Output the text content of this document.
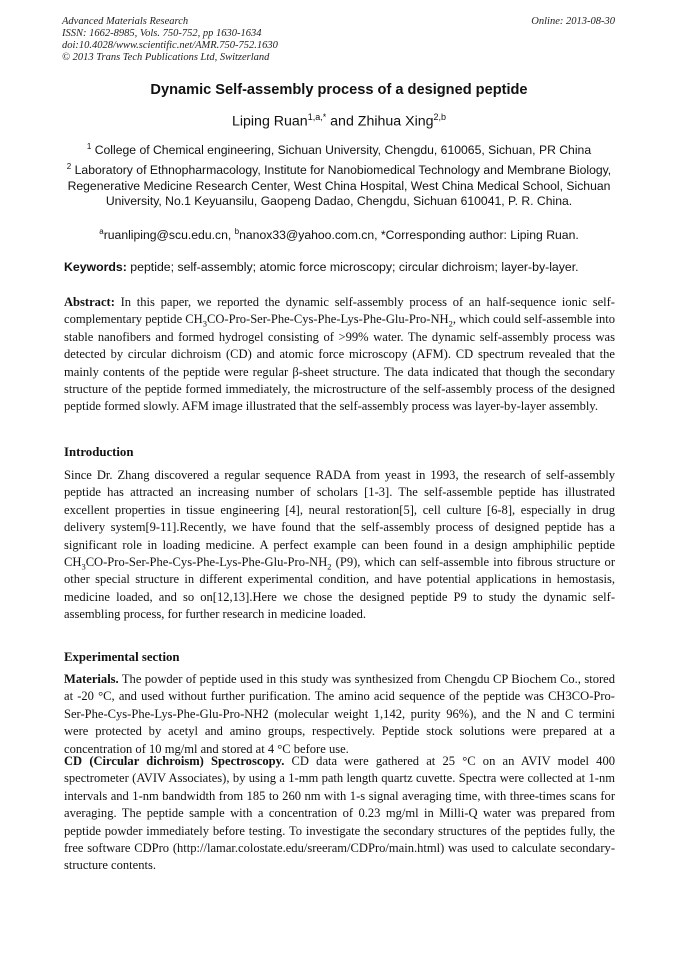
Advanced Materials Research
ISSN: 1662-8985, Vols. 750-752, pp 1630-1634
doi:10.4028/www.scientific.net/AMR.750-752.1630
© 2013 Trans Tech Publications Ltd, Switzerland
Online: 2013-08-30
Dynamic Self-assembly process of a designed peptide
Liping Ruan$^{1,a,*}$ and Zhihua Xing$^{2,b}$
$^1$ College of Chemical engineering, Sichuan University, Chengdu, 610065, Sichuan, PR China
$^2$ Laboratory of Ethnopharmacology, Institute for Nanobiomedical Technology and Membrane Biology, Regenerative Medicine Research Center, West China Hospital, West China Medical School, Sichuan University, No.1 Keyuansilu, Gaopeng Dadao, Chengdu, Sichuan 610041, P. R. China.
$^a$ruanliping@scu.edu.cn, $^b$nanox33@yahoo.com.cn, *Corresponding author: Liping Ruan.
Keywords: peptide; self-assembly; atomic force microscopy; circular dichroism; layer-by-layer.
Abstract: In this paper, we reported the dynamic self-assembly process of an half-sequence ionic self-complementary peptide $CH_3CO-Pro-Ser-Phe-Cys-Phe-Lys-Phe-Glu-Pro-NH_2$, which could self-assemble into stable nanofibers and formed hydrogel consisting of >99% water. The dynamic self-assembly process was detected by circular dichroism (CD) and atomic force microscopy (AFM). CD spectrum revealed that the mainly contents of the peptide were regular β-sheet structure. The data indicated that though the secondary structure of the peptide formed immediately, the microstructure of the self-assembly process of the designed peptide formed slowly. AFM image illustrated that the self-assembly process was layer-by-layer assembly.
Introduction
Since Dr. Zhang discovered a regular sequence RADA from yeast in 1993, the research of self-assembly peptide has attracted an increasing number of scholars [1-3]. The self-assemble peptide has illustrated excellent properties in tissue engineering [4], neural restoration[5], cell culture [6-8], especially in drug delivery system[9-11].Recently, we have found that the self-assembly process of designed peptide has a significant role in loading medicine. A perfect example can been found in a design amphiphilic peptide $CH_3CO-Pro-Ser-Phe-Cys-Phe-Lys-Phe-Glu-Pro-NH_2$ (P9), which can self-assemble into fibrous structure or other special structure in different experimental condition, and have potential applications in hemostasis, medicine loaded, and so on[12,13].Here we chose the designed peptide P9 to study the dynamic self-assembling process, for further research in medicine loaded.
Experimental section
Materials. The powder of peptide used in this study was synthesized from Chengdu CP Biochem Co., stored at -20 °C, and used without further purification. The amino acid sequence of the peptide was CH3CO-Pro-Ser-Phe-Cys-Phe-Lys-Phe-Glu-Pro-NH2 (molecular weight 1,142, purity 96%), and the N and C termini were protected by acetyl and amino groups, respectively. Peptide stock solutions were prepared at a concentration of 10 mg/ml and stored at 4 °C before use.
CD (Circular dichroism) Spectroscopy. CD data were gathered at 25 °C on an AVIV model 400 spectrometer (AVIV Associates), by using a 1-mm path length quartz cuvette. Spectra were collected at 1-nm intervals and 1-nm bandwidth from 185 to 260 nm with 1-s signal averaging time, with three-times scans for averaging. The peptide sample with a concentration of 0.23 mg/ml in Milli-Q water was prepared from peptide powder immediately before testing. To investigate the secondary structures of the peptides fully, the free software CDPro (http://lamar.colostate.edu/sreeram/CDPro/main.html) was used to calculate secondary-structure contents.
